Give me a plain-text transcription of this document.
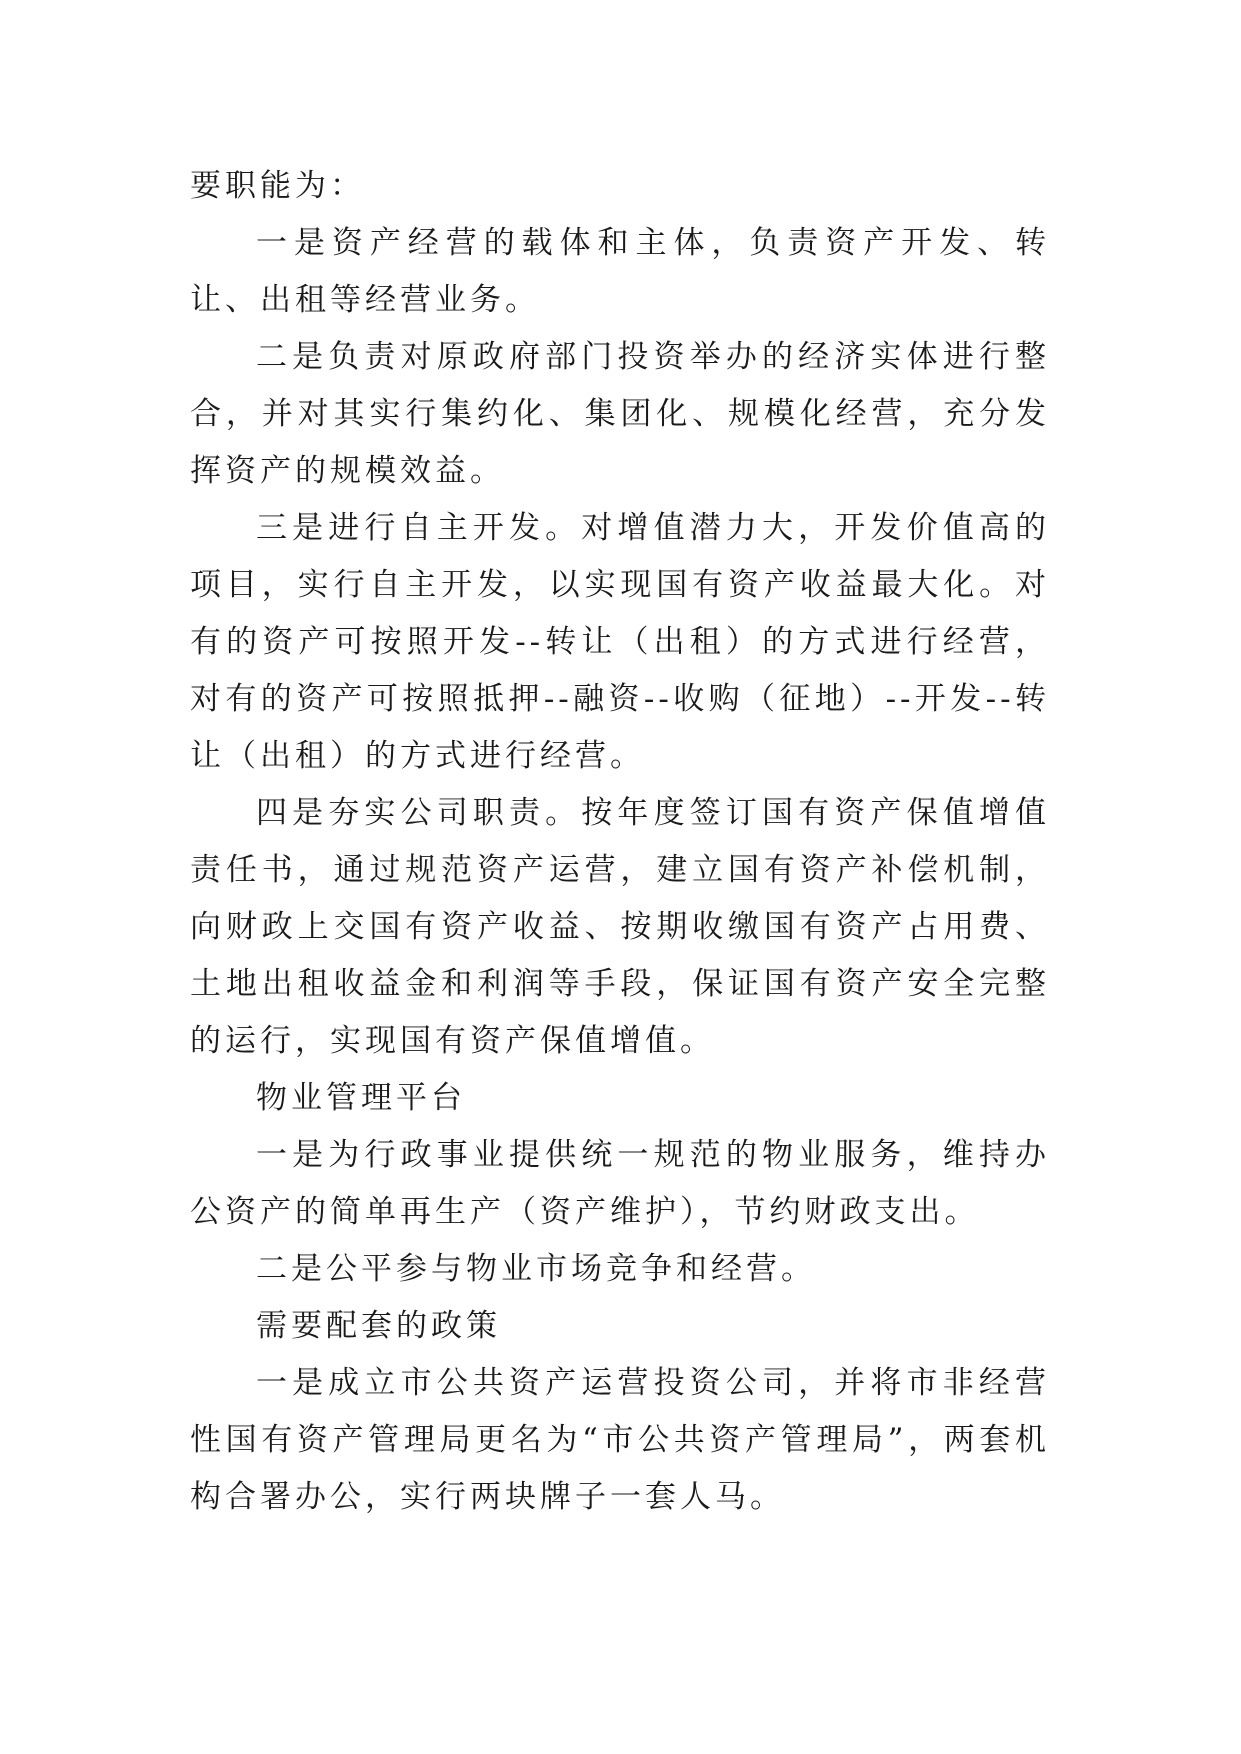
要职能为：

一是资产经营的载体和主体，负责资产开发、转让、出租等经营业务。

二是负责对原政府部门投资举办的经济实体进行整合，并对其实行集约化、集团化、规模化经营，充分发挥资产的规模效益。

三是进行自主开发。对增值潜力大，开发价值高的项目，实行自主开发，以实现国有资产收益最大化。对有的资产可按照开发--转让（出租）的方式进行经营，对有的资产可按照抵押--融资--收购（征地）--开发--转让（出租）的方式进行经营。

四是夯实公司职责。按年度签订国有资产保值增值责任书，通过规范资产运营，建立国有资产补偿机制，向财政上交国有资产收益、按期收缴国有资产占用费、土地出租收益金和利润等手段，保证国有资产安全完整的运行，实现国有资产保值增值。

物业管理平台

一是为行政事业提供统一规范的物业服务，维持办公资产的简单再生产（资产维护），节约财政支出。

二是公平参与物业市场竞争和经营。

需要配套的政策

一是成立市公共资产运营投资公司，并将市非经营性国有资产管理局更名为“市公共资产管理局”，两套机构合署办公，实行两块牌子一套人马。
